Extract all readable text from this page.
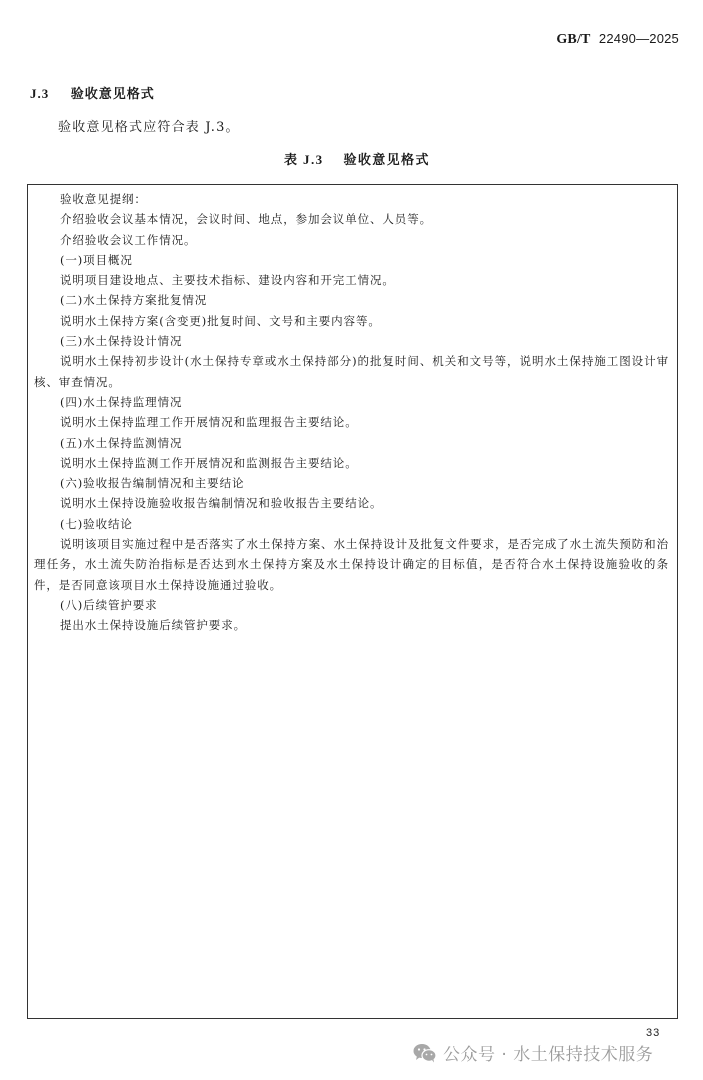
GB/T 22490—2025
J.3 验收意见格式
验收意见格式应符合表 J.3。
表 J.3 验收意见格式

验收意见提纲：

介绍验收会议基本情况，会议时间、地点，参加会议单位、人员等。

介绍验收会议工作情况。

(一)项目概况

说明项目建设地点、主要技术指标、建设内容和开完工情况。

(二)水土保持方案批复情况

说明水土保持方案(含变更)批复时间、文号和主要内容等。

(三)水土保持设计情况

说明水土保持初步设计(水土保持专章或水土保持部分)的批复时间、机关和文号等，说明水土保持施工图设计审核、审查情况。

(四)水土保持监理情况

说明水土保持监理工作开展情况和监理报告主要结论。

(五)水土保持监测情况

说明水土保持监测工作开展情况和监测报告主要结论。

(六)验收报告编制情况和主要结论

说明水土保持设施验收报告编制情况和验收报告主要结论。

(七)验收结论

说明该项目实施过程中是否落实了水土保持方案、水土保持设计及批复文件要求，是否完成了水土流失预防和治理任务，水土流失防治指标是否达到水土保持方案及水土保持设计确定的目标值，是否符合水土保持设施验收的条件，是否同意该项目水土保持设施通过验收。

(八)后续管护要求

提出水土保持设施后续管护要求。

33
公众号 · 水土保持技术服务
